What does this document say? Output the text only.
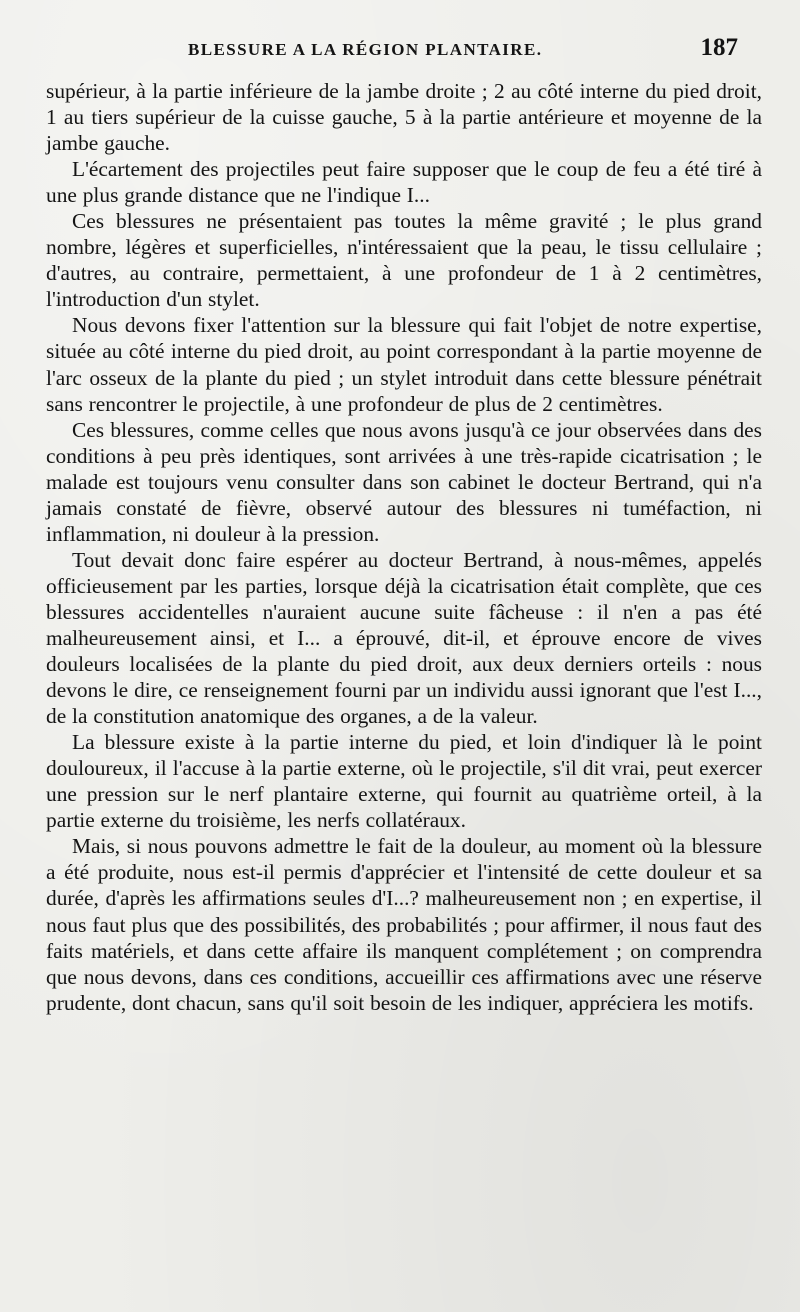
BLESSURE A LA RÉGION PLANTAIRE.	187

supérieur, à la partie inférieure de la jambe droite ; 2 au côté interne du pied droit, 1 au tiers supérieur de la cuisse gauche, 5 à la partie antérieure et moyenne de la jambe gauche.

L'écartement des projectiles peut faire supposer que le coup de feu a été tiré à une plus grande distance que ne l'indique I...

Ces blessures ne présentaient pas toutes la même gravité ; le plus grand nombre, légères et superficielles, n'intéressaient que la peau, le tissu cellulaire ; d'autres, au contraire, permettaient, à une profondeur de 1 à 2 centimètres, l'introduction d'un stylet.

Nous devons fixer l'attention sur la blessure qui fait l'objet de notre expertise, située au côté interne du pied droit, au point correspondant à la partie moyenne de l'arc osseux de la plante du pied ; un stylet introduit dans cette blessure pénétrait sans rencontrer le projectile, à une profondeur de plus de 2 centimètres.

Ces blessures, comme celles que nous avons jusqu'à ce jour observées dans des conditions à peu près identiques, sont arrivées à une très-rapide cicatrisation ; le malade est toujours venu consulter dans son cabinet le docteur Bertrand, qui n'a jamais constaté de fièvre, observé autour des blessures ni tuméfaction, ni inflammation, ni douleur à la pression.

Tout devait donc faire espérer au docteur Bertrand, à nous-mêmes, appelés officieusement par les parties, lorsque déjà la cicatrisation était complète, que ces blessures accidentelles n'auraient aucune suite fâcheuse : il n'en a pas été malheureusement ainsi, et I... a éprouvé, dit-il, et éprouve encore de vives douleurs localisées de la plante du pied droit, aux deux derniers orteils : nous devons le dire, ce renseignement fourni par un individu aussi ignorant que l'est I..., de la constitution anatomique des organes, a de la valeur.

La blessure existe à la partie interne du pied, et loin d'indiquer là le point douloureux, il l'accuse à la partie externe, où le projectile, s'il dit vrai, peut exercer une pression sur le nerf plantaire externe, qui fournit au quatrième orteil, à la partie externe du troisième, les nerfs collatéraux.

Mais, si nous pouvons admettre le fait de la douleur, au moment où la blessure a été produite, nous est-il permis d'apprécier et l'intensité de cette douleur et sa durée, d'après les affirmations seules d'I...? malheureusement non ; en expertise, il nous faut plus que des possibilités, des probabilités ; pour affirmer, il nous faut des faits matériels, et dans cette affaire ils manquent complétement ; on comprendra que nous devons, dans ces conditions, accueillir ces affirmations avec une réserve prudente, dont chacun, sans qu'il soit besoin de les indiquer, appréciera les motifs.
